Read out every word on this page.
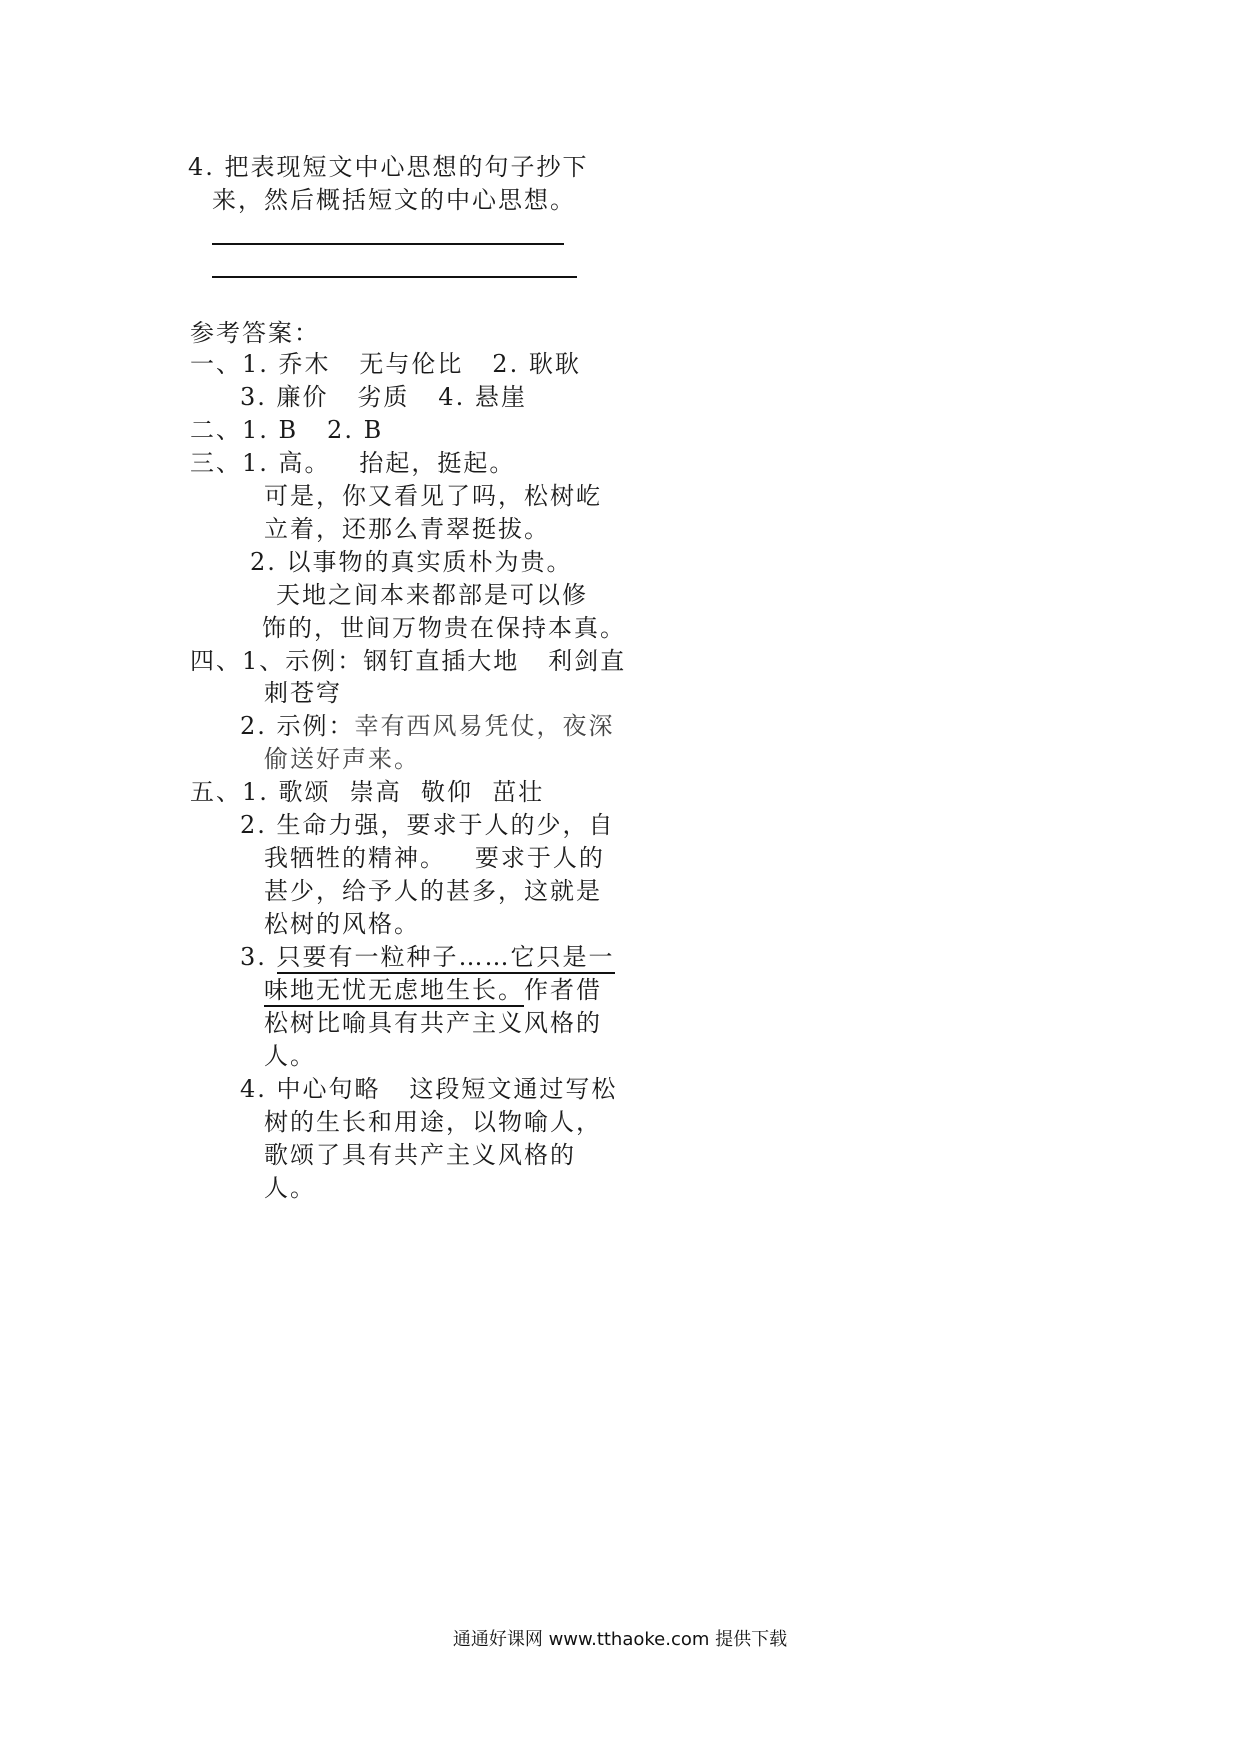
4. 把表现短文中心思想的句子抄下
来，然后概括短文的中心思想。
参考答案：
一、1. 乔木   无与伦比   2. 耿耿
3. 廉价   劣质   4. 悬崖
二、1. B   2. B
三、1. 高。   抬起，挺起。
可是，你又看见了吗，松树屹
立着，还那么青翠挺拔。
2. 以事物的真实质朴为贵。
天地之间本来都部是可以修
饰的，世间万物贵在保持本真。
四、1、示例：钢钉直插大地   利剑直
刺苍穹
2. 示例：幸有西风易凭仗，夜深
偷送好声来。
五、1. 歌颂  崇高  敬仰  茁壮
2. 生命力强，要求于人的少，自
我牺牲的精神。   要求于人的
甚少，给予人的甚多，这就是
松树的风格。
3. 只要有一粒种子……它只是一
味地无忧无虑地生长。作者借
松树比喻具有共产主义风格的
人。
4. 中心句略   这段短文通过写松
树的生长和用途，以物喻人，
歌颂了具有共产主义风格的
人。
通通好课网 www.tthaoke.com 提供下载
